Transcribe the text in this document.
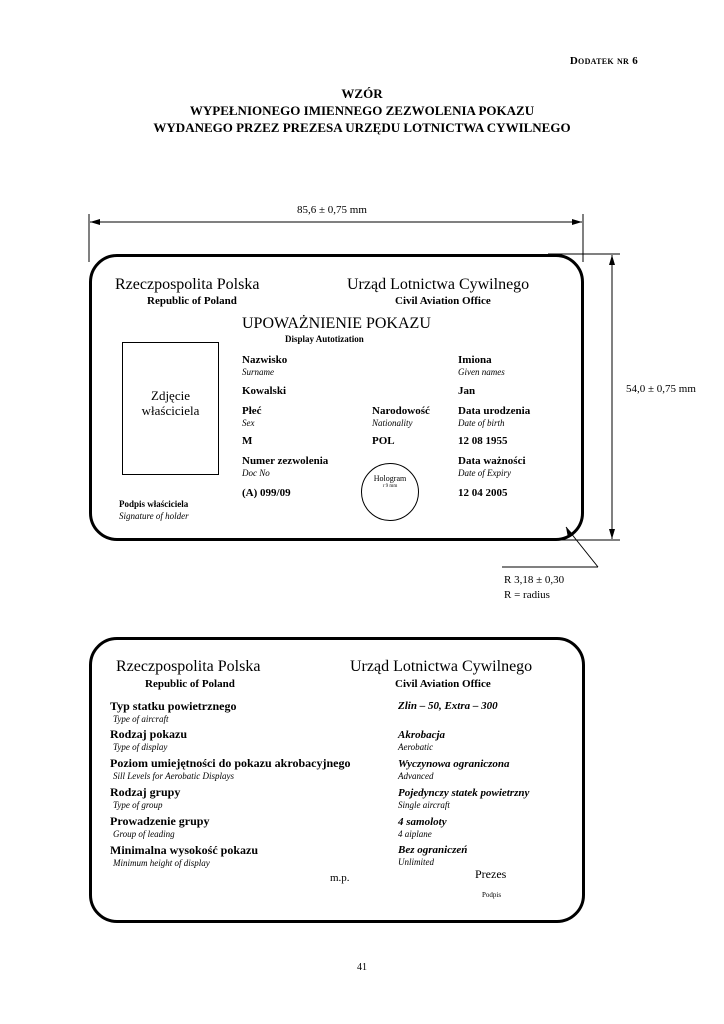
Dodatek nr 6
WZÓR
WYPEŁNIONEGO IMIENNEGO ZEZWOLENIA POKAZU
WYDANEGO PRZEZ PREZESA URZĘDU LOTNICTWA CYWILNEGO
85,6 ± 0,75 mm
54,0 ± 0,75 mm
R 3,18 ± 0,30
R = radius
Rzeczpospolita Polska
Republic of Poland
Urząd Lotnictwa Cywilnego
Civil Aviation Office
UPOWAŻNIENIE POKAZU
Display Autotization
Zdjęcie właściciela
Nazwisko
Surname
Kowalski
Imiona
Given names
Jan
Płeć
Sex
M
Narodowość
Nationality
POL
Data urodzenia
Date of birth
12 08 1955
Numer zezwolenia
Doc No
(A) 099/09
Data ważności
Date of Expiry
12 04 2005
Hologram
r 9 mm
Podpis właściciela
Signature of holder
Rzeczpospolita Polska
Republic of Poland
Urząd Lotnictwa Cywilnego
Civil Aviation Office
Typ statku powietrznego
Type of aircraft
Zlin – 50, Extra – 300
Rodzaj pokazu
Type of display
Akrobacja
Aerobatic
Poziom umiejętności do pokazu akrobacyjnego
Sill Levels for Aerobatic Displays
Wyczynowa ograniczona
Advanced
Rodzaj grupy
Type of group
Pojedynczy statek powietrzny
Single aircraft
Prowadzenie grupy
Group of leading
4 samoloty
4 aiplane
Minimalna wysokość pokazu
Minimum height of display
Bez ograniczeń
Unlimited
m.p.	Prezes
Podpis
41
